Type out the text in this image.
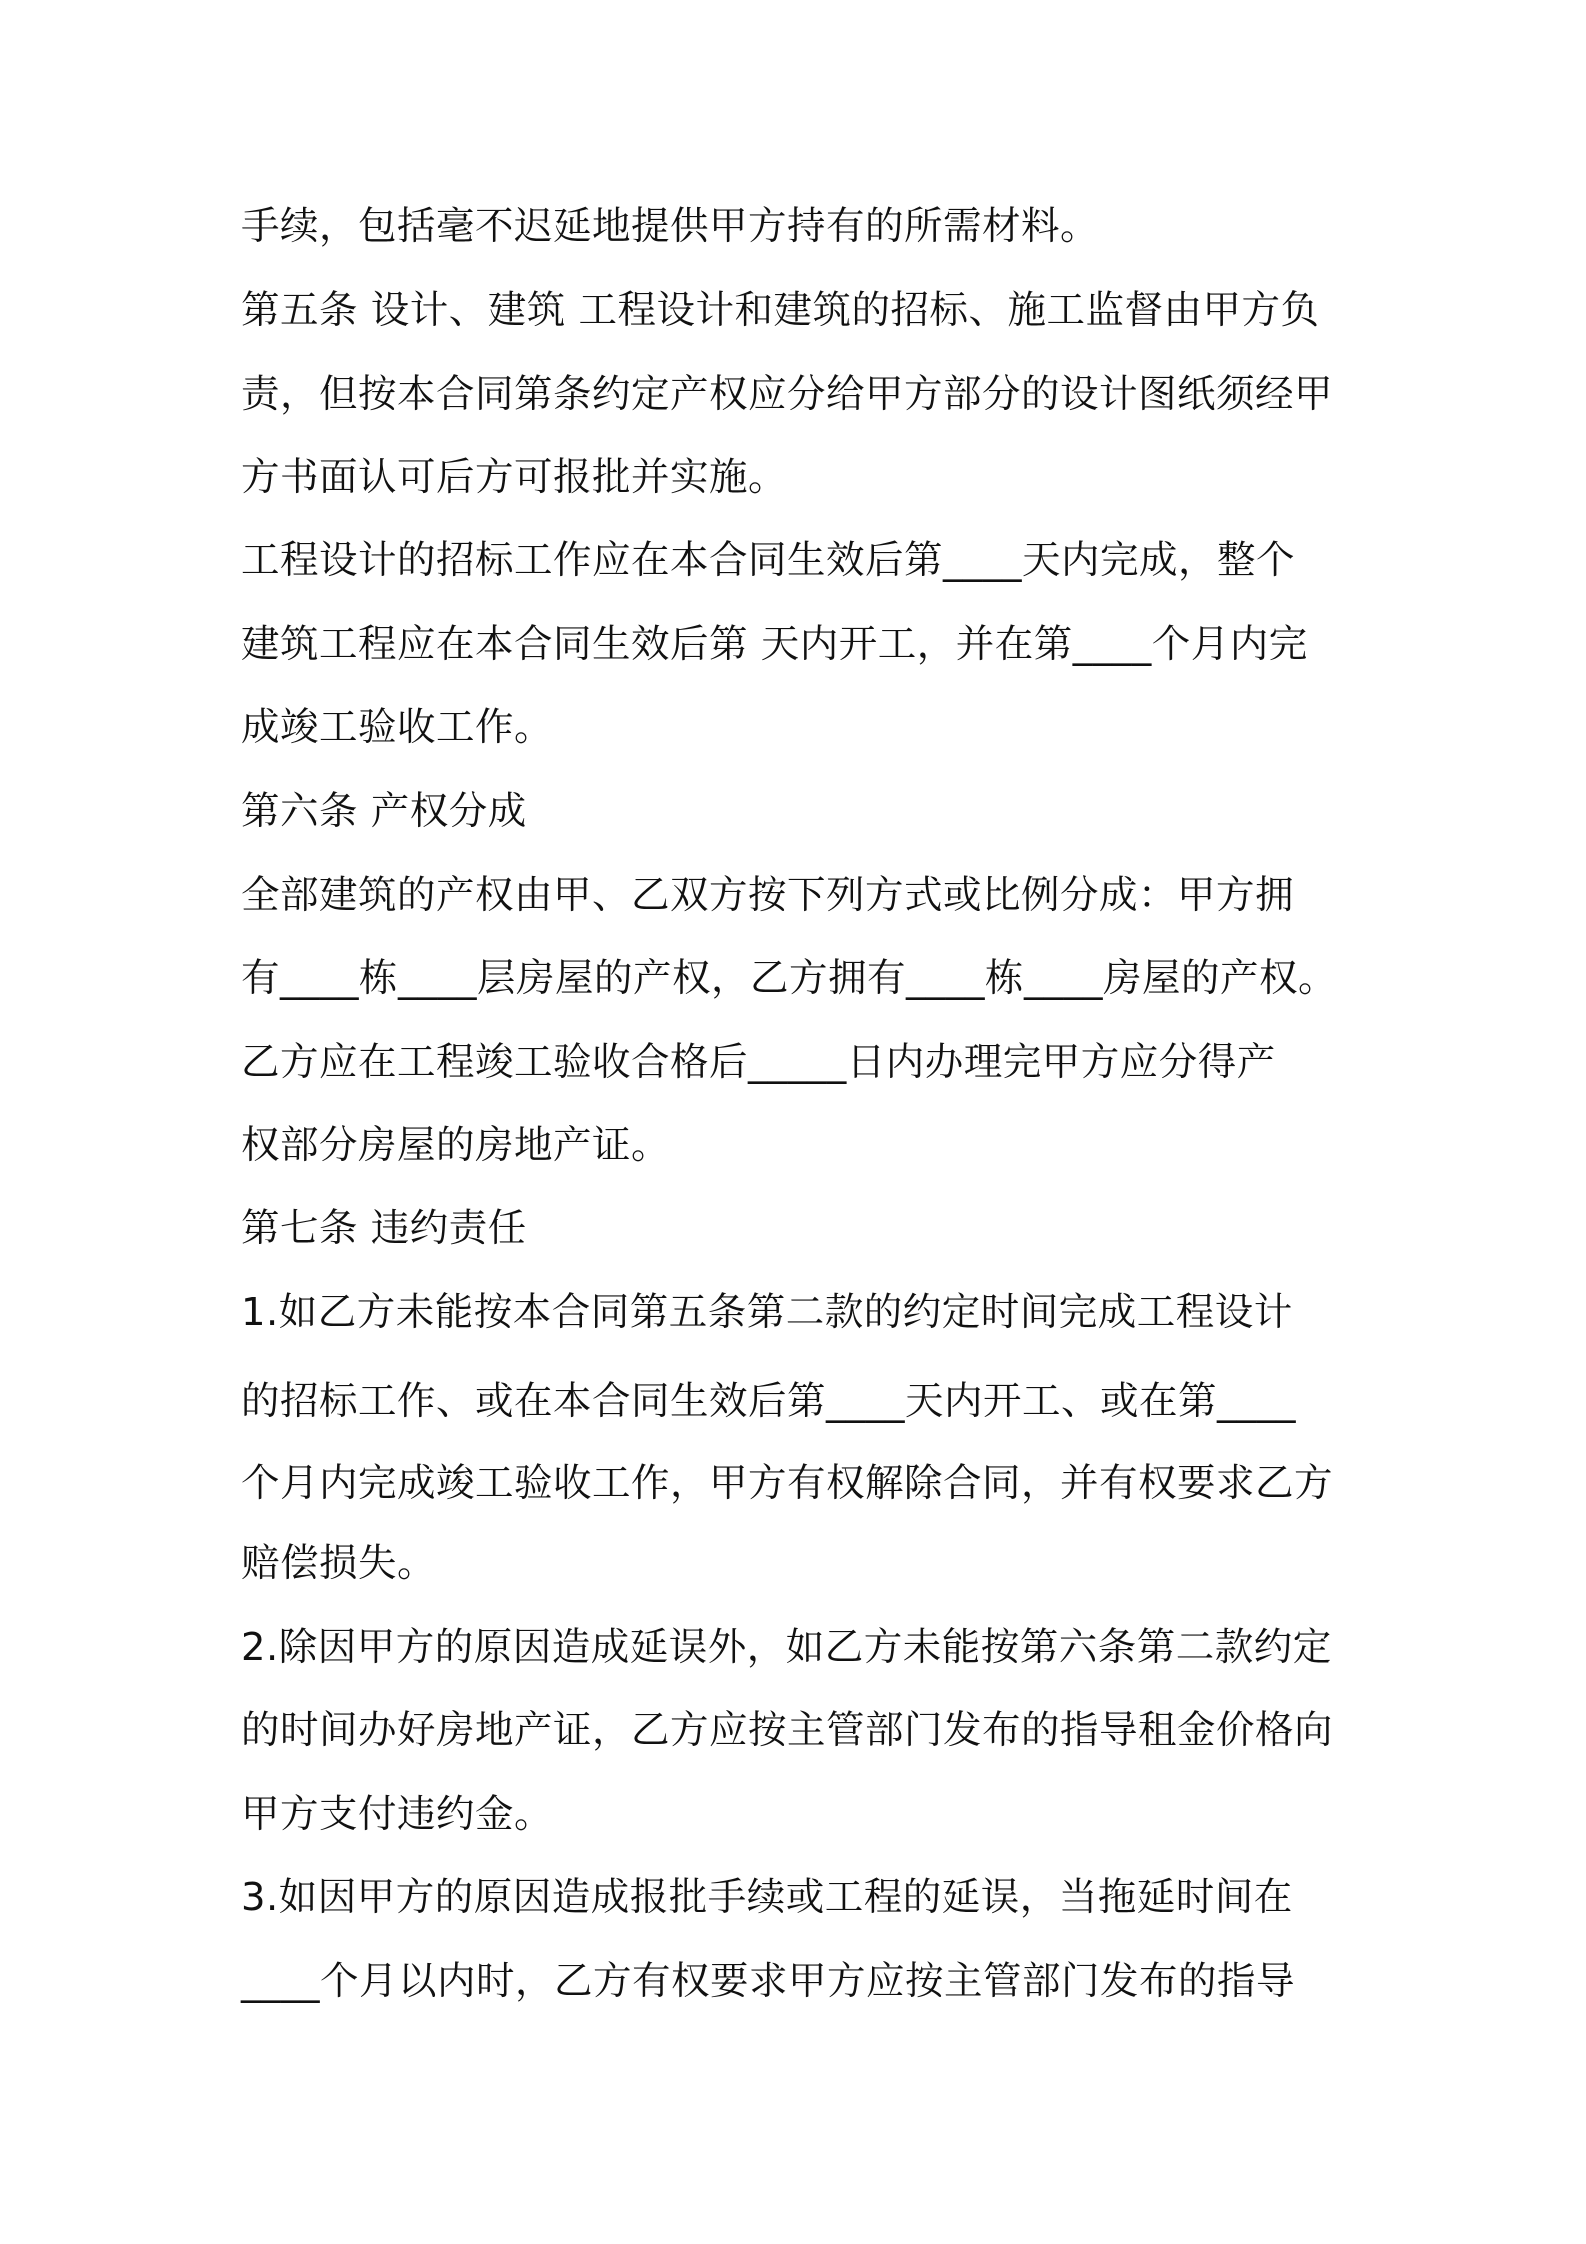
手续，包括毫不迟延地提供甲方持有的所需材料。

第五条 设计、建筑 工程设计和建筑的招标、施工监督由甲方负

责，但按本合同第条约定产权应分给甲方部分的设计图纸须经甲

方书面认可后方可报批并实施。

工程设计的招标工作应在本合同生效后第____天内完成，整个

建筑工程应在本合同生效后第 天内开工，并在第____个月内完

成竣工验收工作。

第六条 产权分成

全部建筑的产权由甲、乙双方按下列方式或比例分成：甲方拥

有____栋____层房屋的产权，乙方拥有____栋____房屋的产权。

乙方应在工程竣工验收合格后_____日内办理完甲方应分得产

权部分房屋的房地产证。

第七条 违约责任

1.如乙方未能按本合同第五条第二款的约定时间完成工程设计

的招标工作、或在本合同生效后第____天内开工、或在第____

个月内完成竣工验收工作，甲方有权解除合同，并有权要求乙方

赔偿损失。

2.除因甲方的原因造成延误外，如乙方未能按第六条第二款约定

的时间办好房地产证，乙方应按主管部门发布的指导租金价格向

甲方支付违约金。

3.如因甲方的原因造成报批手续或工程的延误，当拖延时间在

____个月以内时，乙方有权要求甲方应按主管部门发布的指导
